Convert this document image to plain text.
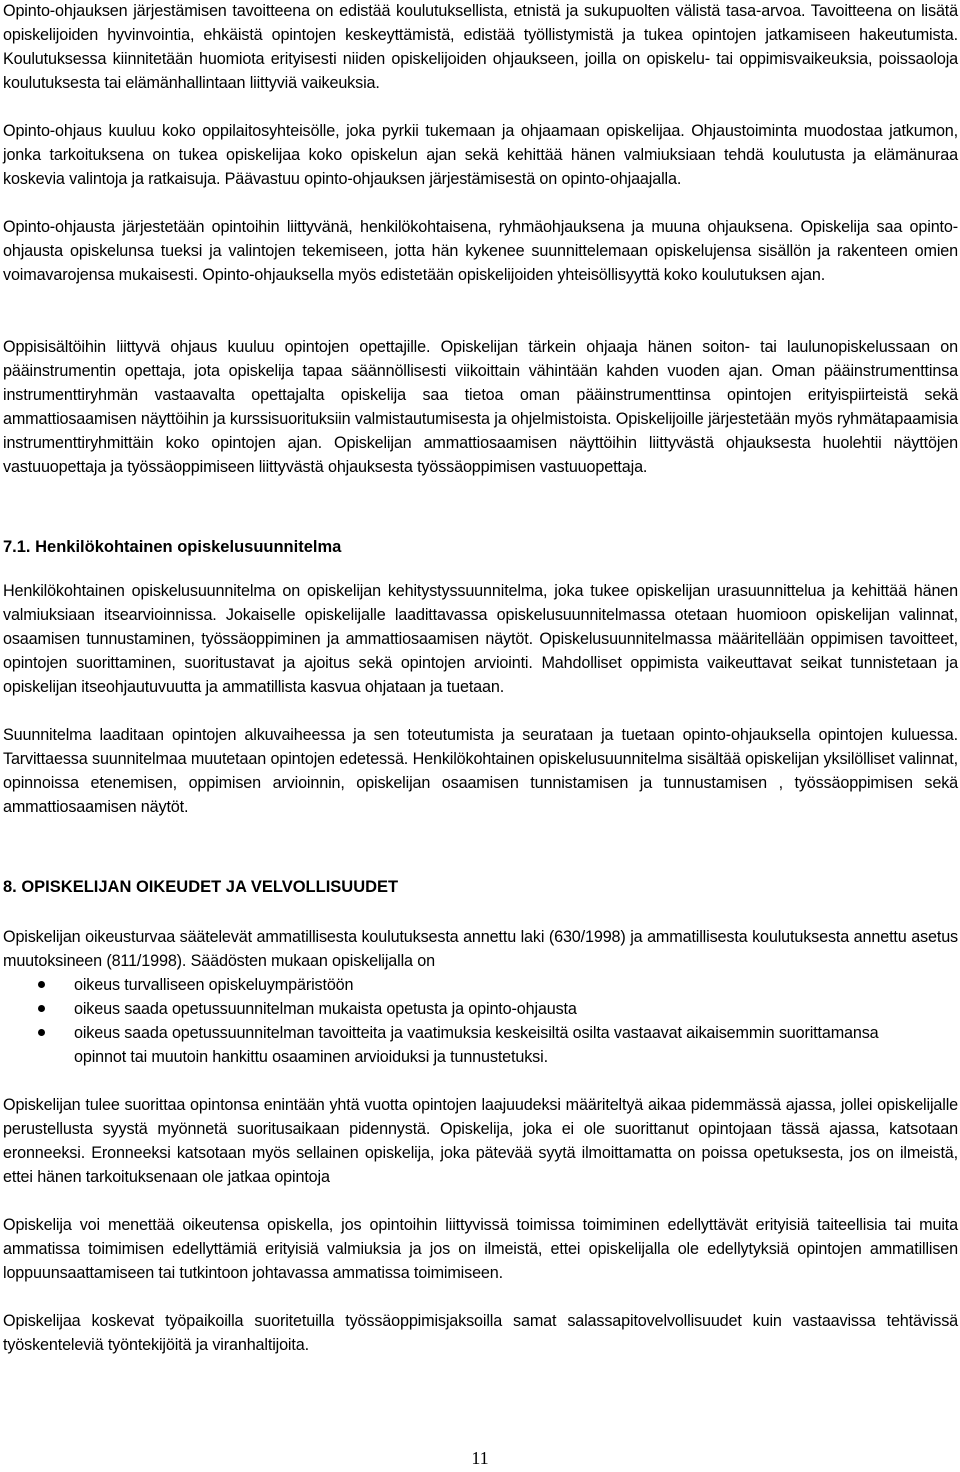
Opinto-ohjauksen järjestämisen tavoitteena on edistää koulutuksellista, etnistä ja sukupuolten välistä tasa-arvoa. Tavoitteena on lisätä opiskelijoiden hyvinvointia, ehkäistä opintojen keskeyttämistä, edistää työllistymistä ja tukea opintojen jatkamiseen hakeutumista. Koulutuksessa kiinnitetään huomiota erityisesti niiden opiskelijoiden ohjaukseen, joilla on opiskelu- tai oppimisvaikeuksia, poissaoloja koulutuksesta tai elämänhallintaan liittyviä vaikeuksia.

Opinto-ohjaus kuuluu koko oppilaitosyhteisölle, joka pyrkii tukemaan ja ohjaamaan opiskelijaa. Ohjaustoiminta muodostaa jatkumon, jonka tarkoituksena on tukea opiskelijaa koko opiskelun ajan sekä kehittää hänen valmiuksiaan tehdä koulutusta ja elämänuraa koskevia valintoja ja ratkaisuja. Päävastuu opinto-ohjauksen järjestämisestä on opinto-ohjaajalla.

Opinto-ohjausta järjestetään opintoihin liittyvänä, henkilökohtaisena, ryhmäohjauksena ja muuna ohjauksena. Opiskelija saa opinto-ohjausta opiskelunsa tueksi ja valintojen tekemiseen, jotta hän kykenee suunnittelemaan opiskelujensa sisällön ja rakenteen omien voimavarojensa mukaisesti. Opinto-ohjauksella myös edistetään opiskelijoiden yhteisöllisyyttä koko koulutuksen ajan.

Oppisisältöihin liittyvä ohjaus kuuluu opintojen opettajille. Opiskelijan tärkein ohjaaja hänen soiton- tai laulunopiskelussaan on pääinstrumentin opettaja, jota opiskelija tapaa säännöllisesti viikoittain vähintään kahden vuoden ajan. Oman pääinstrumenttinsa instrumenttiryhmän vastaavalta opettajalta opiskelija saa tietoa oman pääinstrumenttinsa opintojen erityispiirteistä sekä ammattiosaamisen näyttöihin ja kurssisuorituksiin valmistautumisesta ja ohjelmistoista. Opiskelijoille järjestetään myös ryhmätapaamisia instrumenttiryhmittäin koko opintojen ajan. Opiskelijan ammattiosaamisen näyttöihin liittyvästä ohjauksesta huolehtii näyttöjen vastuuopettaja ja työssäoppimiseen liittyvästä ohjauksesta työssäoppimisen vastuuopettaja.

7.1. Henkilökohtainen opiskelusuunnitelma

Henkilökohtainen opiskelusuunnitelma on opiskelijan kehitystyssuunnitelma, joka tukee opiskelijan urasuunnittelua ja kehittää hänen valmiuksiaan itsearvioinnissa. Jokaiselle opiskelijalle laadittavassa opiskelusuunnitelmassa otetaan huomioon opiskelijan valinnat, osaamisen tunnustaminen, työssäoppiminen ja ammattiosaamisen näytöt. Opiskelusuunnitelmassa määritellään oppimisen tavoitteet, opintojen suorittaminen, suoritustavat ja ajoitus sekä opintojen arviointi. Mahdolliset oppimista vaikeuttavat seikat tunnistetaan ja opiskelijan itseohjautuvuutta ja ammatillista kasvua ohjataan ja tuetaan.

Suunnitelma laaditaan opintojen alkuvaiheessa ja sen toteutumista ja seurataan ja tuetaan opinto-ohjauksella opintojen kuluessa. Tarvittaessa suunnitelmaa muutetaan opintojen edetessä. Henkilökohtainen opiskelusuunnitelma sisältää opiskelijan yksilölliset valinnat, opinnoissa etenemisen, oppimisen arvioinnin, opiskelijan osaamisen tunnistamisen ja tunnustamisen , työssäoppimisen sekä ammattiosaamisen näytöt.

8. OPISKELIJAN OIKEUDET JA VELVOLLISUUDET

Opiskelijan oikeusturvaa säätelevät ammatillisesta koulutuksesta annettu laki (630/1998) ja ammatillisesta koulutuksesta annettu asetus muutoksineen (811/1998). Säädösten mukaan opiskelijalla on

oikeus turvalliseen opiskeluympäristöön
oikeus saada opetussuunnitelman mukaista opetusta ja opinto-ohjausta
oikeus saada opetussuunnitelman tavoitteita ja vaatimuksia keskeisiltä osilta vastaavat aikaisemmin suorittamansa opinnot tai muutoin hankittu osaaminen arvioiduksi ja tunnustetuksi.

Opiskelijan tulee suorittaa opintonsa enintään yhtä vuotta opintojen laajuudeksi määriteltyä aikaa pidemmässä ajassa, jollei opiskelijalle perustellusta syystä myönnetä suoritusaikaan pidennystä. Opiskelija, joka ei ole suorittanut opintojaan tässä ajassa, katsotaan eronneeksi. Eronneeksi katsotaan myös sellainen opiskelija, joka pätevää syytä ilmoittamatta on poissa opetuksesta, jos on ilmeistä, ettei hänen tarkoituksenaan ole jatkaa opintoja

Opiskelija voi menettää oikeutensa opiskella, jos opintoihin liittyvissä toimissa toimiminen edellyttävät erityisiä taiteellisia tai muita ammatissa toimimisen edellyttämiä erityisiä valmiuksia ja jos on ilmeistä, ettei opiskelijalla ole edellytyksiä opintojen ammatillisen loppuunsaattamiseen tai tutkintoon johtavassa ammatissa toimimiseen.

Opiskelijaa koskevat työpaikoilla suoritetuilla työssäoppimisjaksoilla samat salassapitovelvollisuudet kuin vastaavissa tehtävissä työskenteleviä työntekijöitä ja viranhaltijoita.

11
